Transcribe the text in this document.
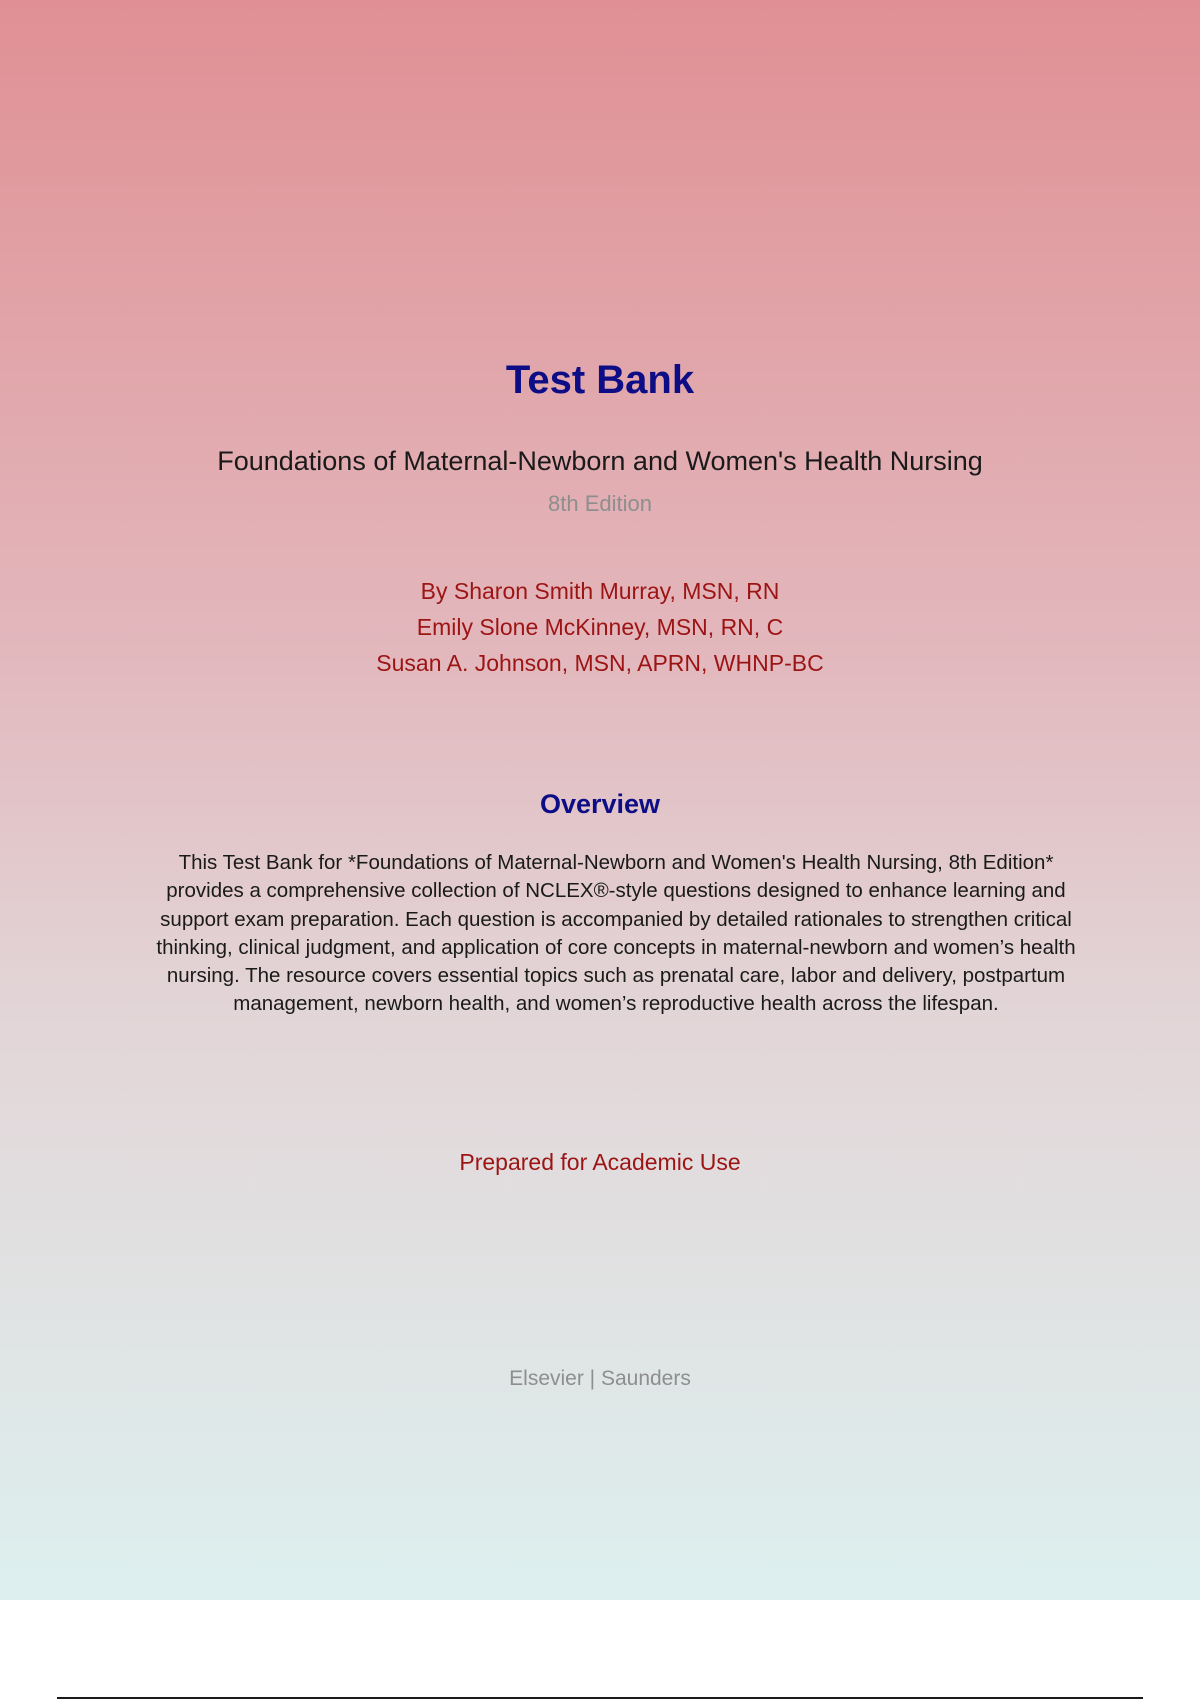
Test Bank

Foundations of Maternal-Newborn and Women's Health Nursing

8th Edition

By Sharon Smith Murray, MSN, RN
Emily Slone McKinney, MSN, RN, C
Susan A. Johnson, MSN, APRN, WHNP-BC
Overview

This Test Bank for *Foundations of Maternal-Newborn and Women's Health Nursing, 8th Edition* provides a comprehensive collection of NCLEX®-style questions designed to enhance learning and support exam preparation. Each question is accompanied by detailed rationales to strengthen critical thinking, clinical judgment, and application of core concepts in maternal-newborn and women’s health nursing. The resource covers essential topics such as prenatal care, labor and delivery, postpartum management, newborn health, and women’s reproductive health across the lifespan.

Prepared for Academic Use

Elsevier | Saunders
